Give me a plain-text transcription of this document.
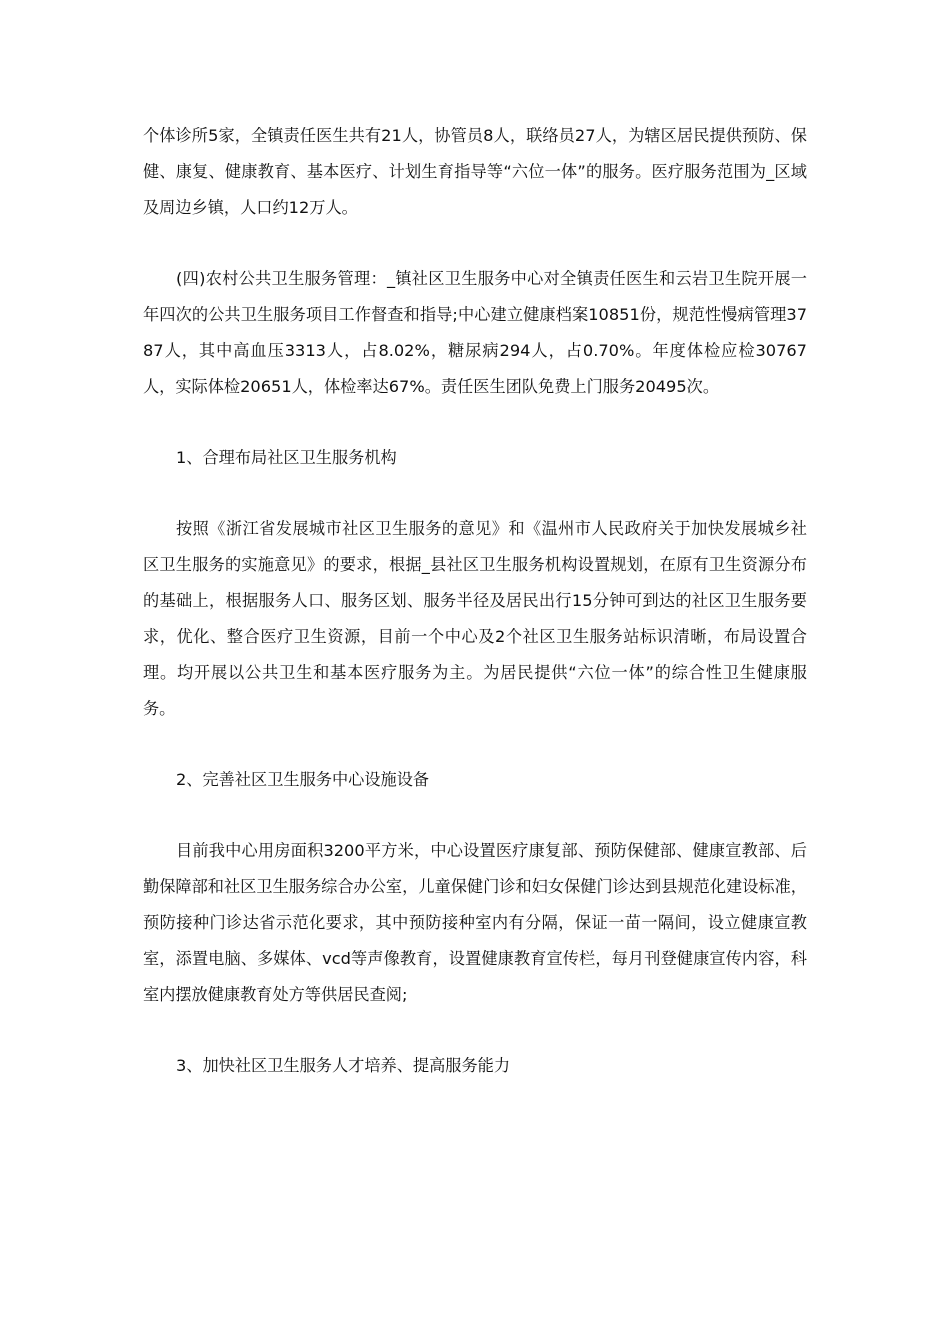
个体诊所5家，全镇责任医生共有21人，协管员8人，联络员27人，为辖区居民提供预防、保健、康复、健康教育、基本医疗、计划生育指导等“六位一体”的服务。医疗服务范围为_区域及周边乡镇，人口约12万人。

(四)农村公共卫生服务管理：_镇社区卫生服务中心对全镇责任医生和云岩卫生院开展一年四次的公共卫生服务项目工作督查和指导;中心建立健康档案10851份，规范性慢病管理3787人，其中高血压3313人，占8.02%，糖尿病294人，占0.70%。年度体检应检30767人，实际体检20651人，体检率达67%。责任医生团队免费上门服务20495次。

1、合理布局社区卫生服务机构

按照《浙江省发展城市社区卫生服务的意见》和《温州市人民政府关于加快发展城乡社区卫生服务的实施意见》的要求，根据_县社区卫生服务机构设置规划，在原有卫生资源分布的基础上，根据服务人口、服务区划、服务半径及居民出行15分钟可到达的社区卫生服务要求，优化、整合医疗卫生资源，目前一个中心及2个社区卫生服务站标识清晰，布局设置合理。均开展以公共卫生和基本医疗服务为主。为居民提供“六位一体”的综合性卫生健康服务。

2、完善社区卫生服务中心设施设备

目前我中心用房面积3200平方米，中心设置医疗康复部、预防保健部、健康宣教部、后勤保障部和社区卫生服务综合办公室，儿童保健门诊和妇女保健门诊达到县规范化建设标准，预防接种门诊达省示范化要求，其中预防接种室内有分隔，保证一苗一隔间，设立健康宣教室，添置电脑、多媒体、vcd等声像教育，设置健康教育宣传栏，每月刊登健康宣传内容，科室内摆放健康教育处方等供居民查阅;

3、加快社区卫生服务人才培养、提高服务能力
